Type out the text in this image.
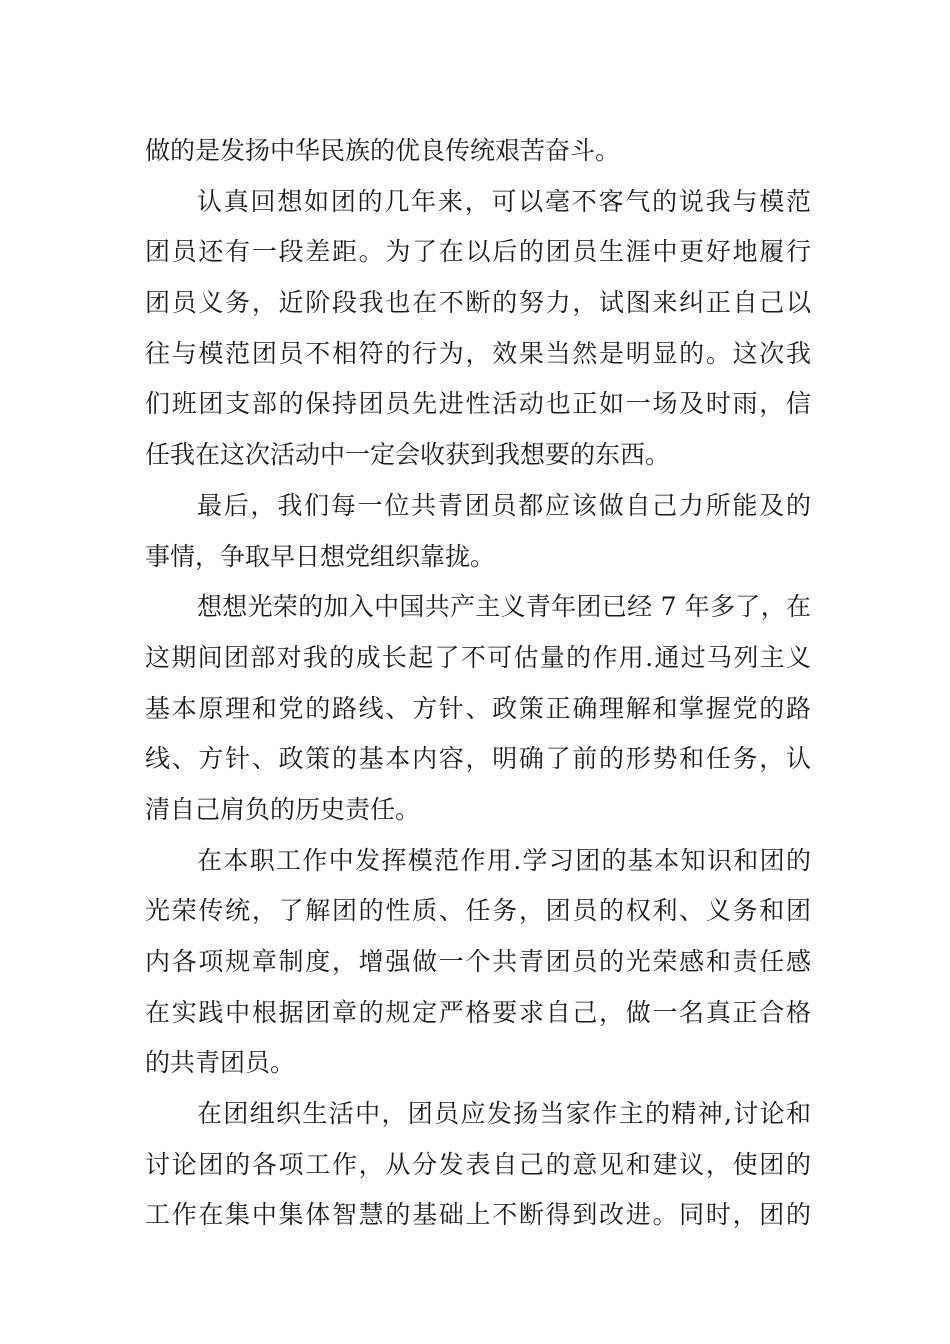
做的是发扬中华民族的优良传统艰苦奋斗。
认真回想如团的几年来，可以毫不客气的说我与模范
团员还有一段差距。为了在以后的团员生涯中更好地履行
团员义务，近阶段我也在不断的努力，试图来纠正自己以
往与模范团员不相符的行为，效果当然是明显的。这次我
们班团支部的保持团员先进性活动也正如一场及时雨，信
任我在这次活动中一定会收获到我想要的东西。
最后，我们每一位共青团员都应该做自己力所能及的
事情，争取早日想党组织靠拢。
想想光荣的加入中国共产主义青年团已经 7 年多了，在
这期间团部对我的成长起了不可估量的作用.通过马列主义
基本原理和党的路线、方针、政策正确理解和掌握党的路
线、方针、政策的基本内容，明确了前的形势和任务，认
清自己肩负的历史责任。
在本职工作中发挥模范作用.学习团的基本知识和团的
光荣传统，了解团的性质、任务，团员的权利、义务和团
内各项规章制度，增强做一个共青团员的光荣感和责任感
在实践中根据团章的规定严格要求自己，做一名真正合格
的共青团员。
在团组织生活中，团员应发扬当家作主的精神,讨论和
讨论团的各项工作，从分发表自己的意见和建议，使团的
工作在集中集体智慧的基础上不断得到改进。同时，团的
